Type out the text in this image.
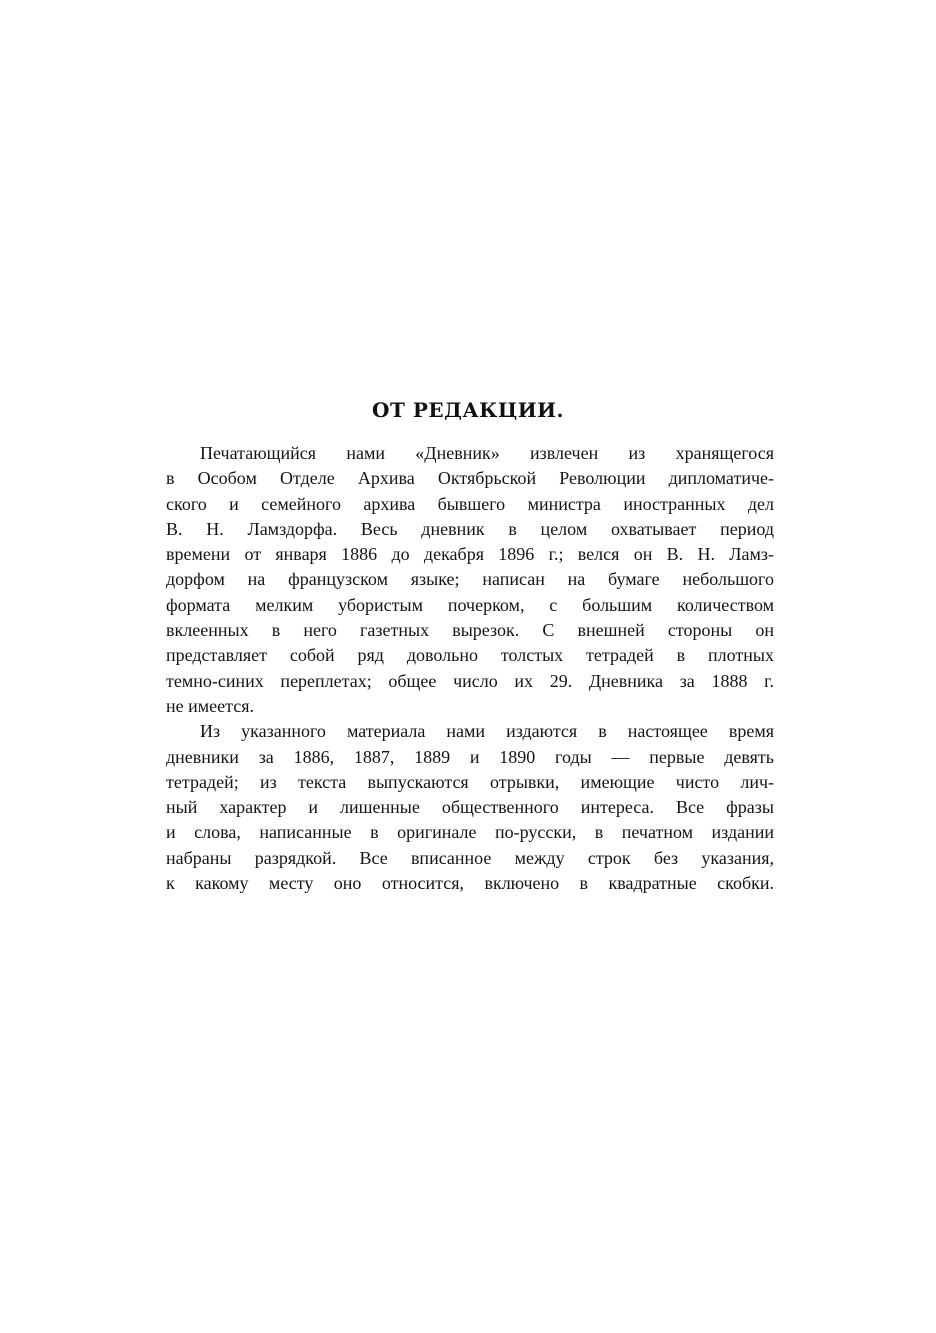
ОТ РЕДАКЦИИ.
Печатающийся нами «Дневник» извлечен из хранящегося
в Особом Отделе Архива Октябрьской Революции дипломатиче-
ского и семейного архива бывшего министра иностранных дел
В. Н. Ламздорфа. Весь дневник в целом охватывает период
времени от января 1886 до декабря 1896 г.; велся он В. Н. Ламз-
дорфом на французском языке; написан на бумаге небольшого
формата мелким убористым почерком, с большим количеством
вклеенных в него газетных вырезок. С внешней стороны он
представляет собой ряд довольно толстых тетрадей в плотных
темно-синих переплетах; общее число их 29. Дневника за 1888 г.
не имеется.
Из указанного материала нами издаются в настоящее время
дневники за 1886, 1887, 1889 и 1890 годы — первые девять
тетрадей; из текста выпускаются отрывки, имеющие чисто лич-
ный характер и лишенные общественного интереса. Все фразы
и слова, написанные в оригинале по-русски, в печатном издании
набраны разрядкой. Все вписанное между строк без указания,
к какому месту оно относится, включено в квадратные скобки.
